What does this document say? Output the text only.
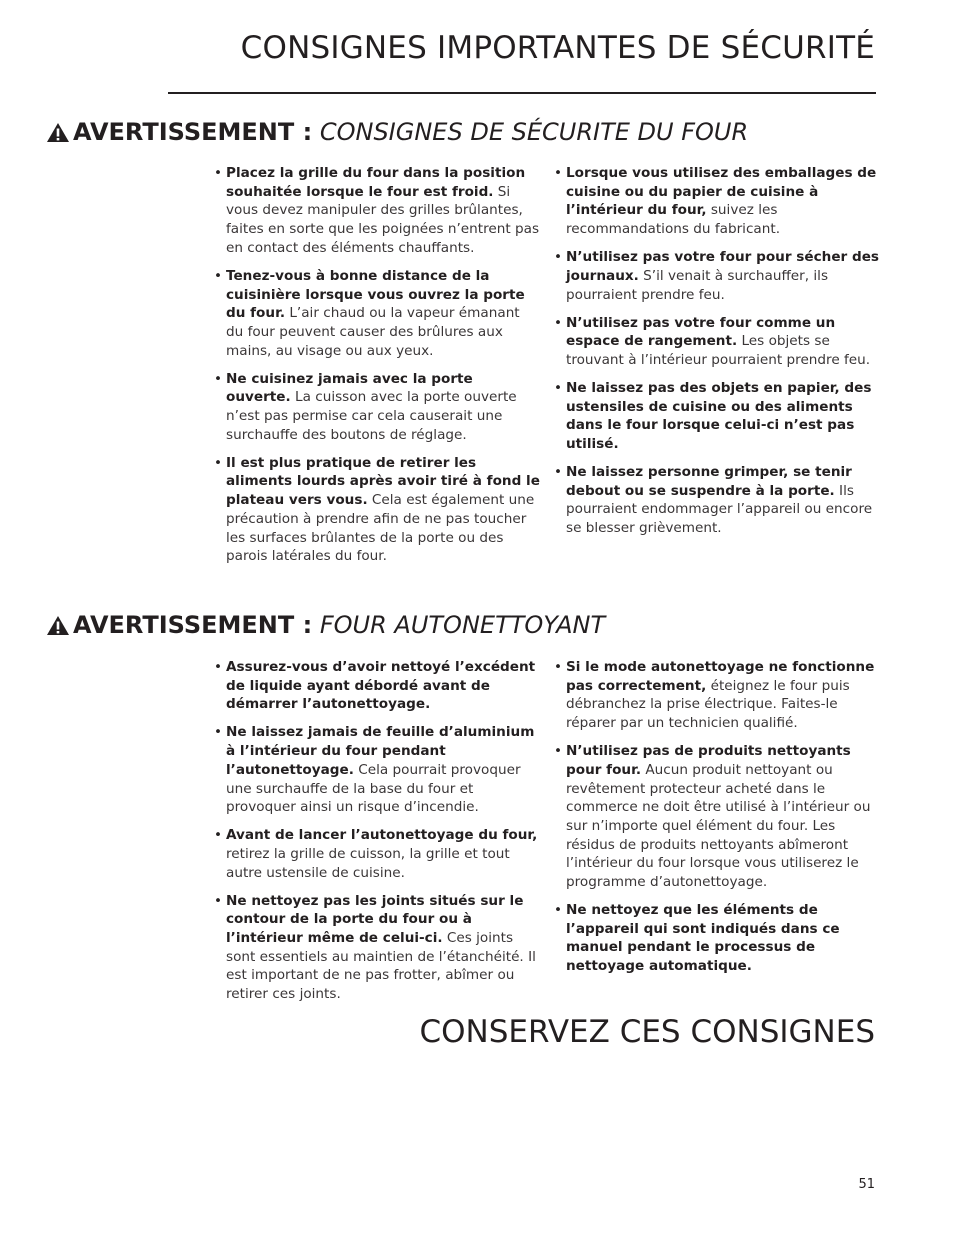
CONSIGNES IMPORTANTES DE SÉCURITÉ
AVERTISSEMENT :
CONSIGNES DE SÉCURITE DU FOUR
• Placez la grille du four dans la position souhaitée lorsque le four est froid. Si vous devez manipuler des grilles brûlantes, faites en sorte que les poignées n’entrent pas en contact des éléments chauffants.
• Tenez-vous à bonne distance de la cuisinière lorsque vous ouvrez la porte du four. L’air chaud ou la vapeur émanant du four peuvent causer des brûlures aux mains, au visage ou aux yeux.
• Ne cuisinez jamais avec la porte ouverte. La cuisson avec la porte ouverte n’est pas permise car cela causerait une surchauffe des boutons de réglage.
• Il est plus pratique de retirer les aliments lourds après avoir tiré à fond le plateau vers vous. Cela est également une précaution à prendre afin de ne pas toucher les surfaces brûlantes de la porte ou des parois latérales du four.
• Lorsque vous utilisez des emballages de cuisine ou du papier de cuisine à l’intérieur du four, suivez les recommandations du fabricant.
• N’utilisez pas votre four pour sécher des journaux. S’il venait à surchauffer, ils pourraient prendre feu.
• N’utilisez pas votre four comme un espace de rangement. Les objets se trouvant à l’intérieur pourraient prendre feu.
• Ne laissez pas des objets en papier, des ustensiles de cuisine ou des aliments dans le four lorsque celui-ci n’est pas utilisé.
• Ne laissez personne grimper, se tenir debout ou se suspendre à la porte. Ils pourraient endommager l’appareil ou encore se blesser grièvement.
AVERTISSEMENT :
FOUR AUTONETTOYANT
• Assurez-vous d’avoir nettoyé l’excédent de liquide ayant débordé avant de démarrer l’autonettoyage.
• Ne laissez jamais de feuille d’aluminium à l’intérieur du four pendant l’autonettoyage. Cela pourrait provoquer une surchauffe de la base du four et provoquer ainsi un risque d’incendie.
• Avant de lancer l’autonettoyage du four, retirez la grille de cuisson, la grille et tout autre ustensile de cuisine.
• Ne nettoyez pas les joints situés sur le contour de la porte du four ou à l’intérieur même de celui-ci. Ces joints sont essentiels au maintien de l’étanchéité. Il est important de ne pas frotter, abîmer ou retirer ces joints.
• Si le mode autonettoyage ne fonctionne pas correctement, éteignez le four puis débranchez la prise électrique. Faites-le réparer par un technicien qualifié.
• N’utilisez pas de produits nettoyants pour four. Aucun produit nettoyant ou revêtement protecteur acheté dans le commerce ne doit être utilisé à l’intérieur ou sur n’importe quel élément du four. Les résidus de produits nettoyants abîmeront l’intérieur du four lorsque vous utiliserez le programme d’autonettoyage.
• Ne nettoyez que les éléments de l’appareil qui sont indiqués dans ce manuel pendant le processus de nettoyage automatique.
CONSERVEZ CES CONSIGNES
51
